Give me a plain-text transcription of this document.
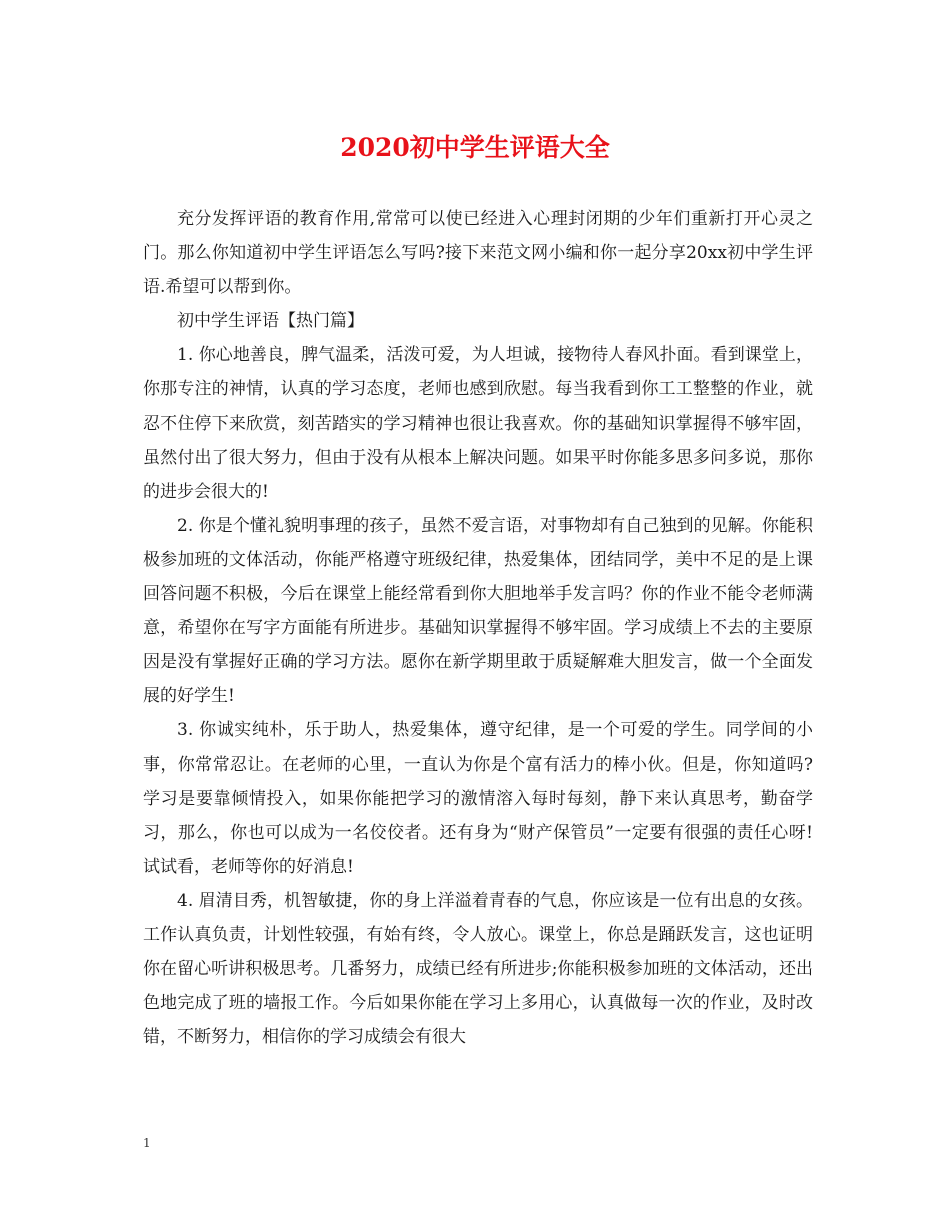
2020初中学生评语大全

充分发挥评语的教育作用,常常可以使已经进入心理封闭期的少年们重新打开心灵之门。那么你知道初中学生评语怎么写吗?接下来范文网小编和你一起分享20xx初中学生评语.希望可以帮到你。

初中学生评语【热门篇】

1. 你心地善良，脾气温柔，活泼可爱，为人坦诚，接物待人春风扑面。看到课堂上，你那专注的神情，认真的学习态度，老师也感到欣慰。每当我看到你工工整整的作业，就忍不住停下来欣赏，刻苦踏实的学习精神也很让我喜欢。你的基础知识掌握得不够牢固，虽然付出了很大努力，但由于没有从根本上解决问题。如果平时你能多思多问多说，那你的进步会很大的!

2. 你是个懂礼貌明事理的孩子，虽然不爱言语，对事物却有自己独到的见解。你能积极参加班的文体活动，你能严格遵守班级纪律，热爱集体，团结同学，美中不足的是上课回答问题不积极，今后在课堂上能经常看到你大胆地举手发言吗？你的作业不能令老师满意，希望你在写字方面能有所进步。基础知识掌握得不够牢固。学习成绩上不去的主要原因是没有掌握好正确的学习方法。愿你在新学期里敢于质疑解难大胆发言，做一个全面发展的好学生!

3. 你诚实纯朴，乐于助人，热爱集体，遵守纪律，是一个可爱的学生。同学间的小事，你常常忍让。在老师的心里，一直认为你是个富有活力的棒小伙。但是，你知道吗?学习是要靠倾情投入，如果你能把学习的激情溶入每时每刻，静下来认真思考，勤奋学习，那么，你也可以成为一名佼佼者。还有身为“财产保管员”一定要有很强的责任心呀!试试看，老师等你的好消息!

4. 眉清目秀，机智敏捷，你的身上洋溢着青春的气息，你应该是一位有出息的女孩。工作认真负责，计划性较强，有始有终，令人放心。课堂上，你总是踊跃发言，这也证明你在留心听讲积极思考。几番努力，成绩已经有所进步;你能积极参加班的文体活动，还出色地完成了班的墙报工作。今后如果你能在学习上多用心，认真做每一次的作业，及时改错，不断努力，相信你的学习成绩会有很大

1
